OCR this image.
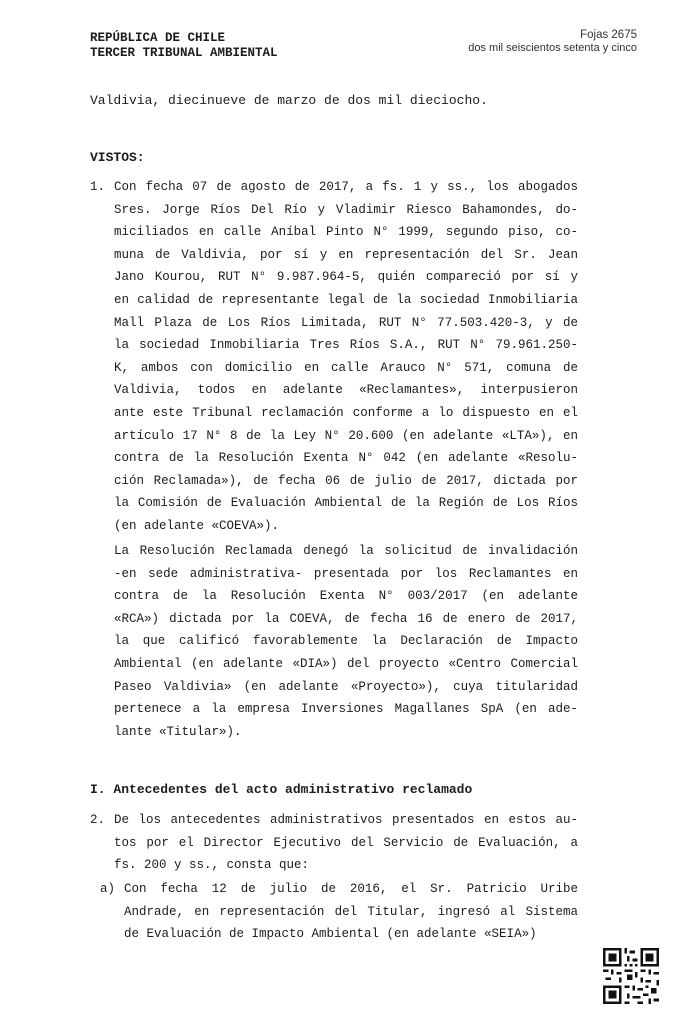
REPÚBLICA DE CHILE
TERCER TRIBUNAL AMBIENTAL
Fojas 2675
dos mil seiscientos setenta y cinco
Valdivia, diecinueve de marzo de dos mil dieciocho.
VISTOS:
1. Con fecha 07 de agosto de 2017, a fs. 1 y ss., los abogados
Sres. Jorge Ríos Del Río y Vladimir Riesco Bahamondes, do-
miciliados en calle Aníbal Pinto N° 1999, segundo piso, co-
muna de Valdivia, por sí y en representación del Sr. Jean
Jano Kourou, RUT N° 9.987.964-5, quién compareció por sí y
en calidad de representante legal de la sociedad Inmobiliaria
Mall Plaza de Los Ríos Limitada, RUT N° 77.503.420-3, y de
la sociedad Inmobiliaria Tres Ríos S.A., RUT N° 79.961.250-
K, ambos con domicilio en calle Arauco N° 571, comuna de
Valdivia, todos en adelante «Reclamantes», interpusieron
ante este Tribunal reclamación conforme a lo dispuesto en el
artículo 17 N° 8 de la Ley N° 20.600 (en adelante «LTA»), en
contra de la Resolución Exenta N° 042 (en adelante «Resolu-
ción Reclamada»), de fecha 06 de julio de 2017, dictada por
la Comisión de Evaluación Ambiental de la Región de Los Ríos
(en adelante «COEVA»).
La Resolución Reclamada denegó la solicitud de invalidación
-en sede administrativa- presentada por los Reclamantes en
contra de la Resolución Exenta N° 003/2017 (en adelante
«RCA») dictada por la COEVA, de fecha 16 de enero de 2017,
la que calificó favorablemente la Declaración de Impacto
Ambiental (en adelante «DIA») del proyecto «Centro Comercial
Paseo Valdivia» (en adelante «Proyecto»), cuya titularidad
pertenece a la empresa Inversiones Magallanes SpA (en ade-
lante «Titular»).
I. Antecedentes del acto administrativo reclamado
2. De los antecedentes administrativos presentados en estos au-
tos por el Director Ejecutivo del Servicio de Evaluación, a
fs. 200 y ss., consta que:
a) Con fecha 12 de julio de 2016, el Sr. Patricio Uribe
Andrade, en representación del Titular, ingresó al Sistema
de Evaluación de Impacto Ambiental (en adelante «SEIA»)
